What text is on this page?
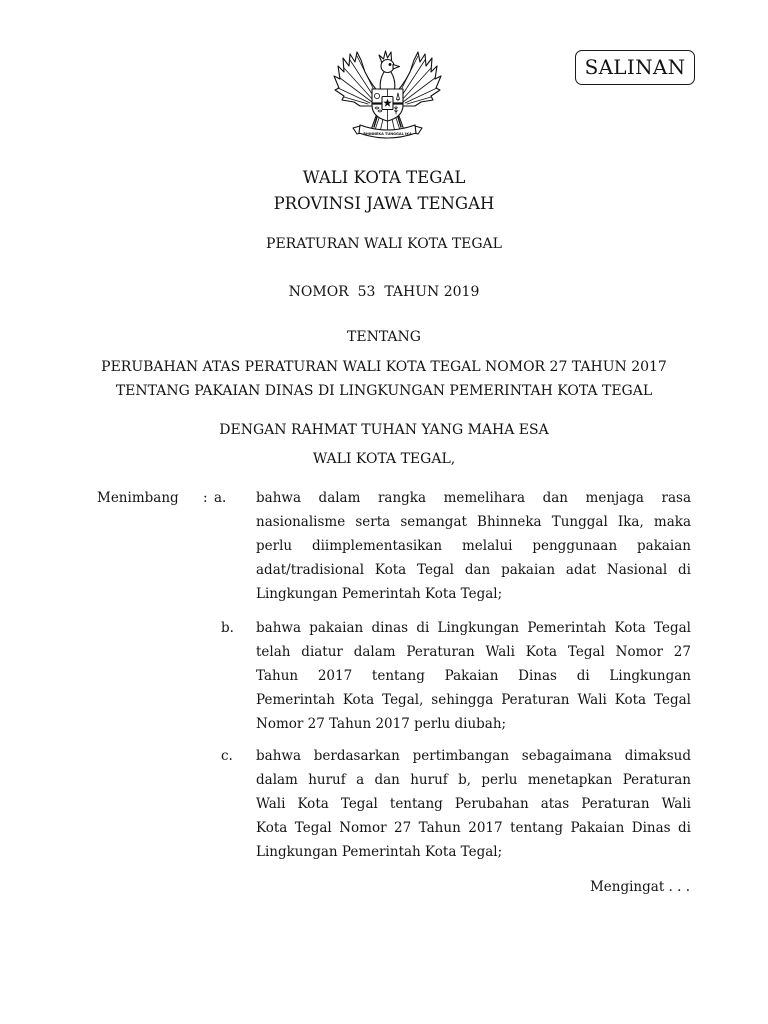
BHINNEKA TUNGGAL IKA
SALINAN
WALI KOTA TEGAL
PROVINSI JAWA TENGAH
PERATURAN WALI KOTA TEGAL
NOMOR  53  TAHUN 2019
TENTANG
PERUBAHAN ATAS PERATURAN WALI KOTA TEGAL NOMOR 27 TAHUN 2017
TENTANG PAKAIAN DINAS DI LINGKUNGAN PEMERINTAH KOTA TEGAL
DENGAN RAHMAT TUHAN YANG MAHA ESA
WALI KOTA TEGAL,
Menimbang : a. bahwa dalam rangka memelihara dan menjaga rasa
nasionalisme serta semangat Bhinneka Tunggal Ika, maka
perlu diimplementasikan melalui penggunaan pakaian
adat/tradisional Kota Tegal dan pakaian adat Nasional di
Lingkungan Pemerintah Kota Tegal;
b. bahwa pakaian dinas di Lingkungan Pemerintah Kota Tegal
telah diatur dalam Peraturan Wali Kota Tegal Nomor 27
Tahun 2017 tentang Pakaian Dinas di Lingkungan
Pemerintah Kota Tegal, sehingga Peraturan Wali Kota Tegal
Nomor 27 Tahun 2017 perlu diubah;
c. bahwa berdasarkan pertimbangan sebagaimana dimaksud
dalam huruf a dan huruf b, perlu menetapkan Peraturan
Wali Kota Tegal tentang Perubahan atas Peraturan Wali
Kota Tegal Nomor 27 Tahun 2017 tentang Pakaian Dinas di
Lingkungan Pemerintah Kota Tegal;
Mengingat . . .
